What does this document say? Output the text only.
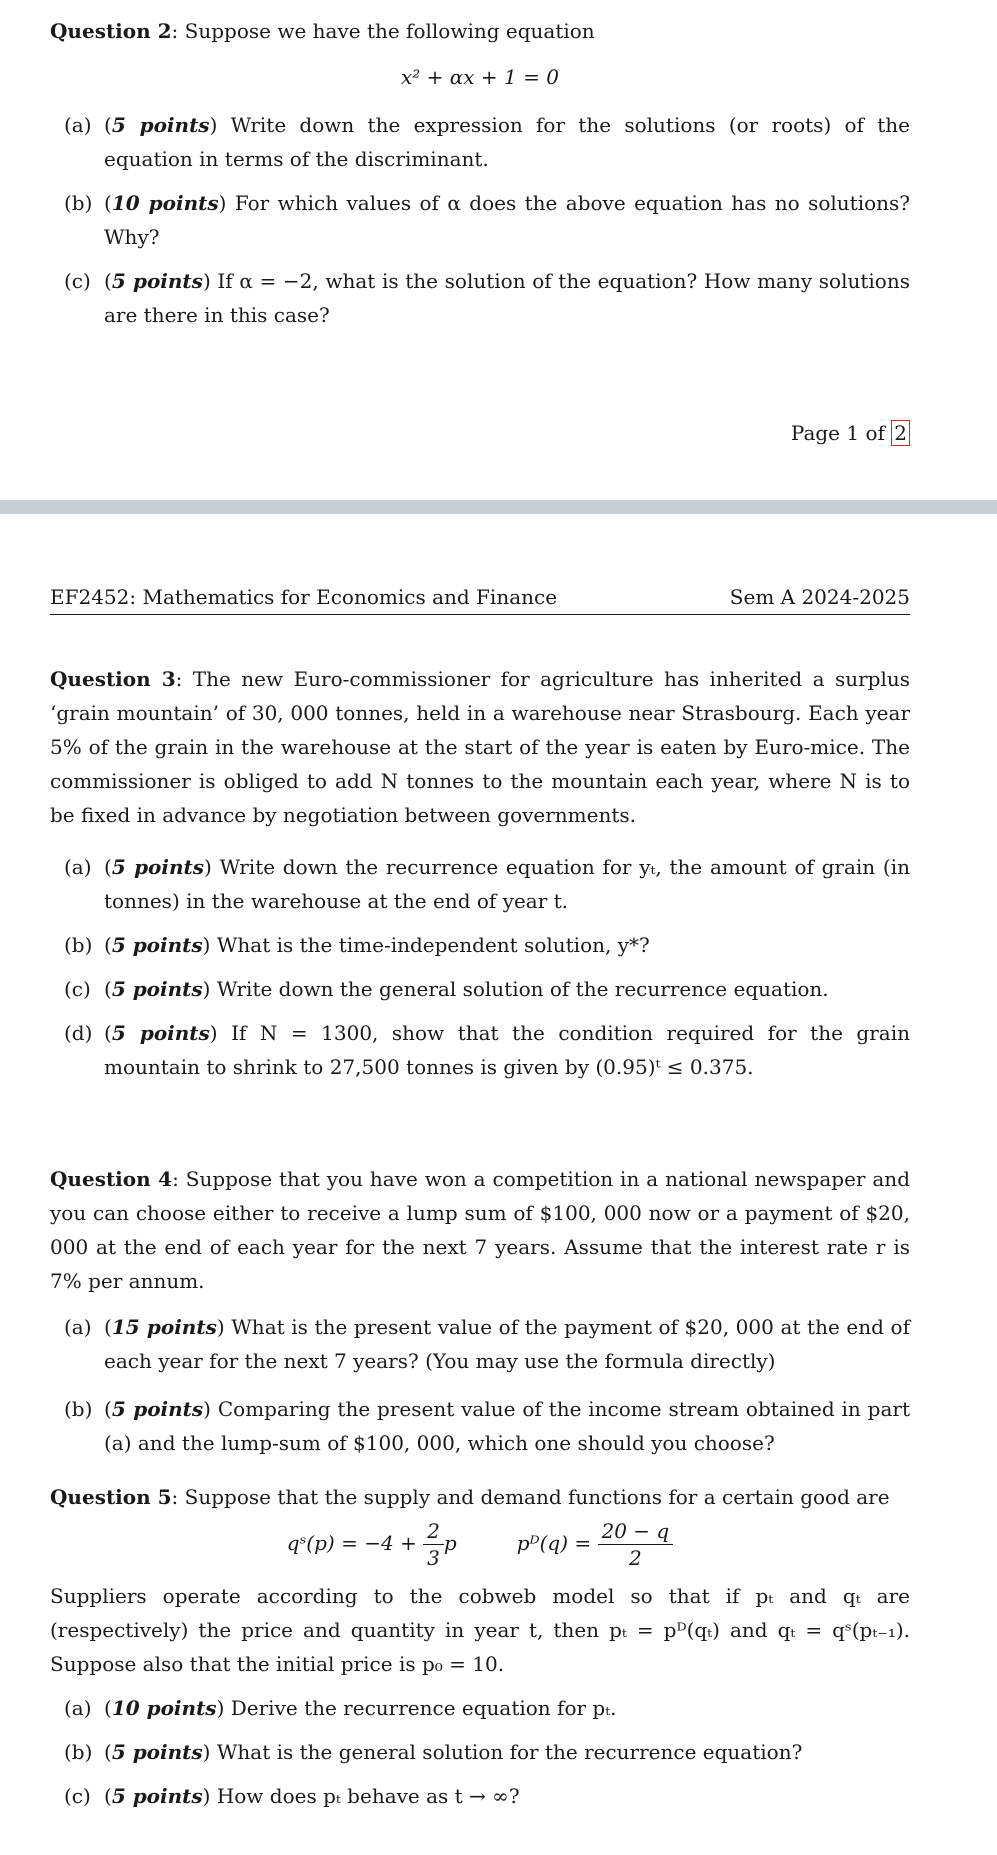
Question 2: Suppose we have the following equation
x² + αx + 1 = 0
(a) (5 points) Write down the expression for the solutions (or roots) of the equation in terms of the discriminant.
(b) (10 points) For which values of α does the above equation has no solutions? Why?
(c) (5 points) If α = −2, what is the solution of the equation? How many solutions are there in this case?
Page 1 of 2
EF2452: Mathematics for Economics and Finance	Sem A 2024-2025
Question 3: The new Euro-commissioner for agriculture has inherited a surplus ‘grain mountain’ of 30, 000 tonnes, held in a warehouse near Strasbourg. Each year 5% of the grain in the warehouse at the start of the year is eaten by Euro-mice. The commissioner is obliged to add N tonnes to the mountain each year, where N is to be fixed in advance by negotiation between governments.
(a) (5 points) Write down the recurrence equation for yₜ, the amount of grain (in tonnes) in the warehouse at the end of year t.
(b) (5 points) What is the time-independent solution, y*?
(c) (5 points) Write down the general solution of the recurrence equation.
(d) (5 points) If N = 1300, show that the condition required for the grain mountain to shrink to 27,500 tonnes is given by (0.95)ᵗ ≤ 0.375.
Question 4: Suppose that you have won a competition in a national newspaper and you can choose either to receive a lump sum of $100, 000 now or a payment of $20, 000 at the end of each year for the next 7 years. Assume that the interest rate r is 7% per annum.
(a) (15 points) What is the present value of the payment of $20, 000 at the end of each year for the next 7 years? (You may use the formula directly)
(b) (5 points) Comparing the present value of the income stream obtained in part (a) and the lump-sum of $100, 000, which one should you choose?
Question 5: Suppose that the supply and demand functions for a certain good are
qˢ(p) = $-4 + \frac{2}{3}$ p	pᴰ(q) = $\frac{20 - q}{2}$
Suppliers operate according to the cobweb model so that if pₜ and qₜ are (respectively) the price and quantity in year t, then pₜ = pᴰ(qₜ) and qₜ = qˢ(pₜ₋₁). Suppose also that the initial price is p₀ = 10.
(a) (10 points) Derive the recurrence equation for pₜ.
(b) (5 points) What is the general solution for the recurrence equation?
(c) (5 points) How does pₜ behave as t → ∞?
